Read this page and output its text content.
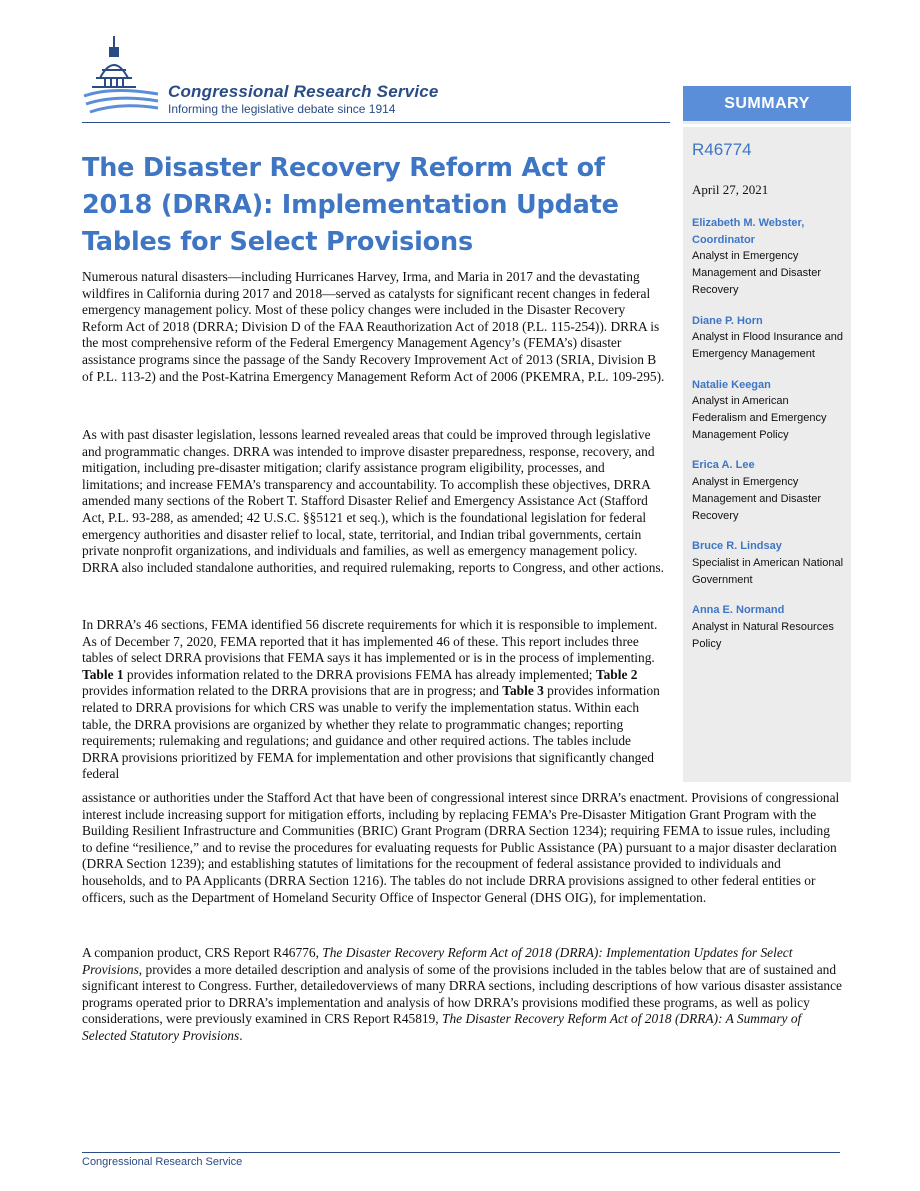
Congressional Research Service

Informing the legislative debate since 1914	SUMMARY

R46774

April 27, 2021

Elizabeth M. Webster,
Coordinator
Analyst in Emergency Management and Disaster Recovery

Diane P. Horn
Analyst in Flood Insurance and Emergency Management

Natalie Keegan
Analyst in American Federalism and Emergency Management Policy

Erica A. Lee
Analyst in Emergency Management and Disaster Recovery

Bruce R. Lindsay
Specialist in American National Government

Anna E. Normand
Analyst in Natural Resources Policy

The Disaster Recovery Reform Act of 2018 (DRRA): Implementation Update Tables for Select Provisions

Numerous natural disasters—including Hurricanes Harvey, Irma, and Maria in 2017 and the devastating wildfires in California during 2017 and 2018—served as catalysts for significant recent changes in federal emergency management policy. Most of these policy changes were included in the Disaster Recovery Reform Act of 2018 (DRRA; Division D of the FAA Reauthorization Act of 2018 (P.L. 115-254)). DRRA is the most comprehensive reform of the Federal Emergency Management Agency’s (FEMA’s) disaster assistance programs since the passage of the Sandy Recovery Improvement Act of 2013 (SRIA, Division B of P.L. 113-2) and the Post-Katrina Emergency Management Reform Act of 2006 (PKEMRA, P.L. 109-295).

As with past disaster legislation, lessons learned revealed areas that could be improved through legislative and programmatic changes. DRRA was intended to improve disaster preparedness, response, recovery, and mitigation, including pre-disaster mitigation; clarify assistance program eligibility, processes, and limitations; and increase FEMA’s transparency and accountability. To accomplish these objectives, DRRA amended many sections of the Robert T. Stafford Disaster Relief and Emergency Assistance Act (Stafford Act, P.L. 93-288, as amended; 42 U.S.C. §§5121 et seq.), which is the foundational legislation for federal emergency authorities and disaster relief to local, state, territorial, and Indian tribal governments, certain private nonprofit organizations, and individuals and families, as well as emergency management policy. DRRA also included standalone authorities, and required rulemaking, reports to Congress, and other actions.

In DRRA’s 46 sections, FEMA identified 56 discrete requirements for which it is responsible to implement. As of December 7, 2020, FEMA reported that it has implemented 46 of these. This report includes three tables of select DRRA provisions that FEMA says it has implemented or is in the process of implementing. Table 1 provides information related to the DRRA provisions FEMA has already implemented; Table 2 provides information related to the DRRA provisions that are in progress; and Table 3 provides information related to DRRA provisions for which CRS was unable to verify the implementation status. Within each table, the DRRA provisions are organized by whether they relate to programmatic changes; reporting requirements; rulemaking and regulations; and guidance and other required actions. The tables include DRRA provisions prioritized by FEMA for implementation and other provisions that significantly changed federal

assistance or authorities under the Stafford Act that have been of congressional interest since DRRA’s enactment. Provisions of congressional interest include increasing support for mitigation efforts, including by replacing FEMA’s Pre-Disaster Mitigation Grant Program with the Building Resilient Infrastructure and Communities (BRIC) Grant Program (DRRA Section 1234); requiring FEMA to issue rules, including to define “resilience,” and to revise the procedures for evaluating requests for Public Assistance (PA) pursuant to a major disaster declaration (DRRA Section 1239); and establishing statutes of limitations for the recoupment of federal assistance provided to individuals and households, and to PA Applicants (DRRA Section 1216). The tables do not include DRRA provisions assigned to other federal entities or officers, such as the Department of Homeland Security Office of Inspector General (DHS OIG), for implementation.

A companion product, CRS Report R46776, The Disaster Recovery Reform Act of 2018 (DRRA): Implementation Updates for Select Provisions, provides a more detailed description and analysis of some of the provisions included in the tables below that are of sustained and significant interest to Congress. Further, detailedoverviews of many DRRA sections, including descriptions of how various disaster assistance programs operated prior to DRRA’s implementation and analysis of how DRRA’s provisions modified these programs, as well as policy considerations, were previously examined in CRS Report R45819, The Disaster Recovery Reform Act of 2018 (DRRA): A Summary of Selected Statutory Provisions.

Congressional Research Service
